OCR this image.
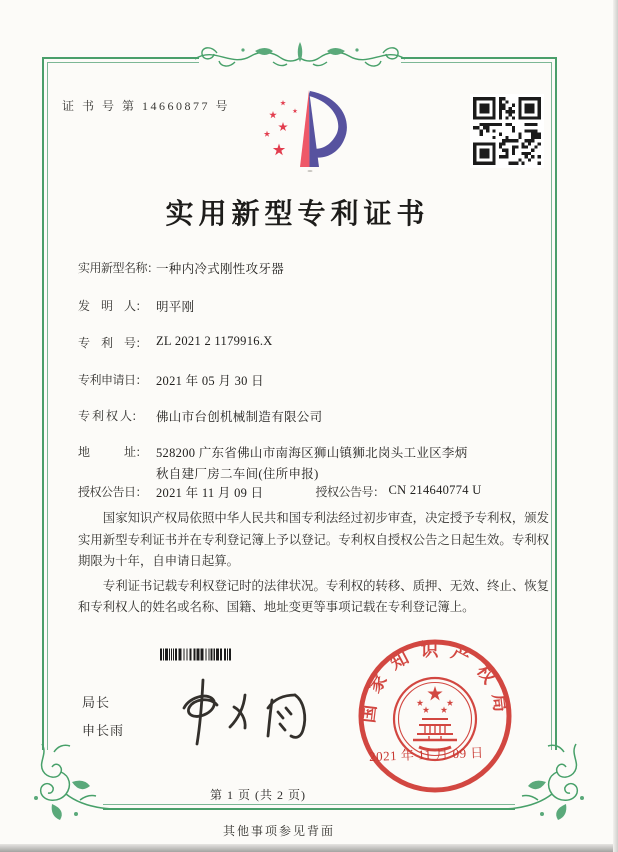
证 书 号 第 14660877 号
实用新型专利证书
实用新型名称：
一种内冷式刚性攻牙器
发　明　人： 明平刚
专　利　号： ZL 2021 2 1179916.X
专利申请日： 2021 年 05 月 30 日
专 利 权 人：	佛山市台创机械制造有限公司
地　　　址： 528200 广东省佛山市南海区狮山镇狮北岗头工业区李炳秋自建厂房二车间(住所申报)
授权公告日： 2021 年 11 月 09 日	授权公告号： CN 214640774 U

国家知识产权局依照中华人民共和国专利法经过初步审查，决定授予专利权，颁发实用新型专利证书并在专利登记簿上予以登记。专利权自授权公告之日起生效。专利权期限为十年，自申请日起算。

专利证书记载专利权登记时的法律状况。专利权的转移、质押、无效、终止、恢复和专利权人的姓名或名称、国籍、地址变更等事项记载在专利登记簿上。

局长
申长雨
国家知识产权局
2021 年 11 月 09 日
第 1 页 (共 2 页)
其他事项参见背面
